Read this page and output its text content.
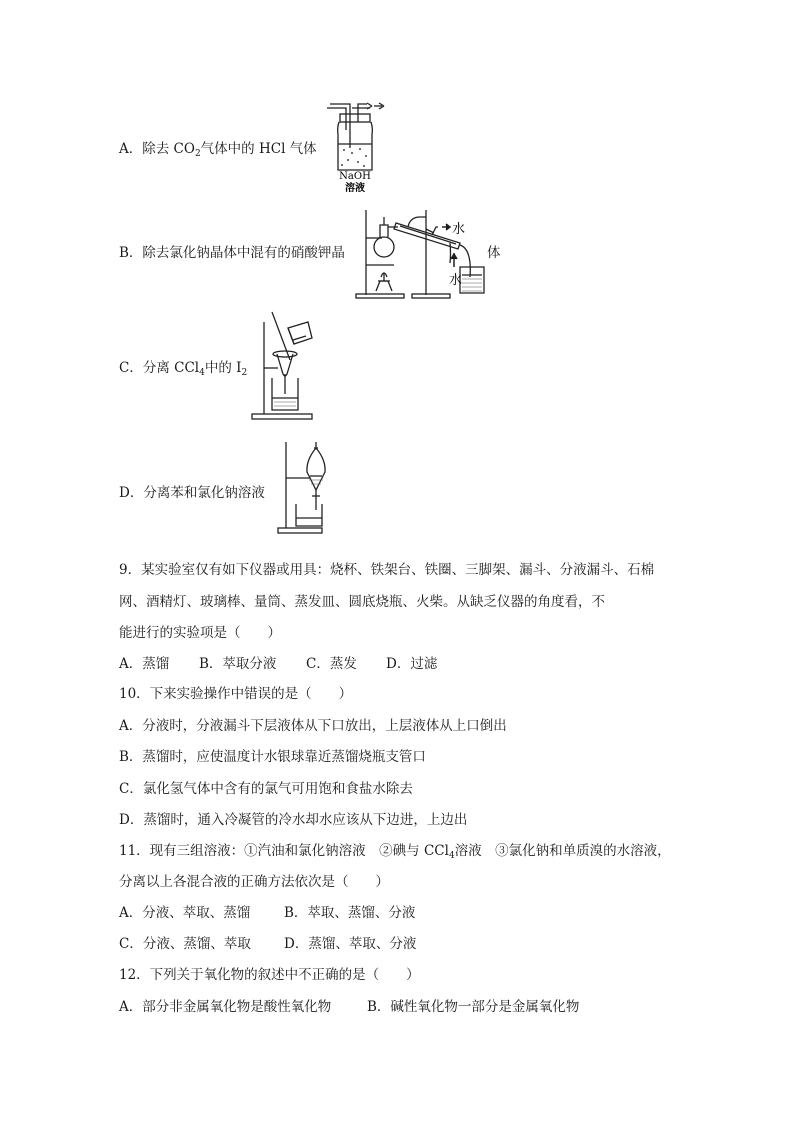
A．除去 $CO_2$气体中的 HCl 气体
NaOH
溶液
B．除去氯化钠晶体中混有的硝酸钾晶	体
水
水
C．分离 CCl$_4$中的 $I_2$
D．分离苯和氯化钠溶液
9．某实验室仅有如下仪器或用具：烧杯、铁架台、铁圈、三脚架、漏斗、分液漏斗、石棉
网、酒精灯、玻璃棒、量筒、蒸发皿、圆底烧瓶、火柴。从缺乏仪器的角度看，不
能进行的实验项是（　　）
A．蒸馏 B．萃取分液 C．蒸发 D．过滤
10．下来实验操作中错误的是（　　）
A．分液时，分液漏斗下层液体从下口放出，上层液体从上口倒出
B．蒸馏时，应使温度计水银球靠近蒸馏烧瓶支管口
C．氯化氢气体中含有的氯气可用饱和食盐水除去
D．蒸馏时，通入冷凝管的冷水却水应该从下边进，上边出
11．现有三组溶液：①汽油和氯化钠溶液　②碘与 CCl$_4$溶液　③氯化钠和单质溴的水溶液，
分离以上各混合液的正确方法依次是（　　）
A．分液、萃取、蒸馏	B．萃取、蒸馏、分液
C．分液、蒸馏、萃取 D．蒸馏、萃取、分液
12．下列关于氧化物的叙述中不正确的是（　　）
A．部分非金属氧化物是酸性氧化物	B．碱性氧化物一部分是金属氧化物
